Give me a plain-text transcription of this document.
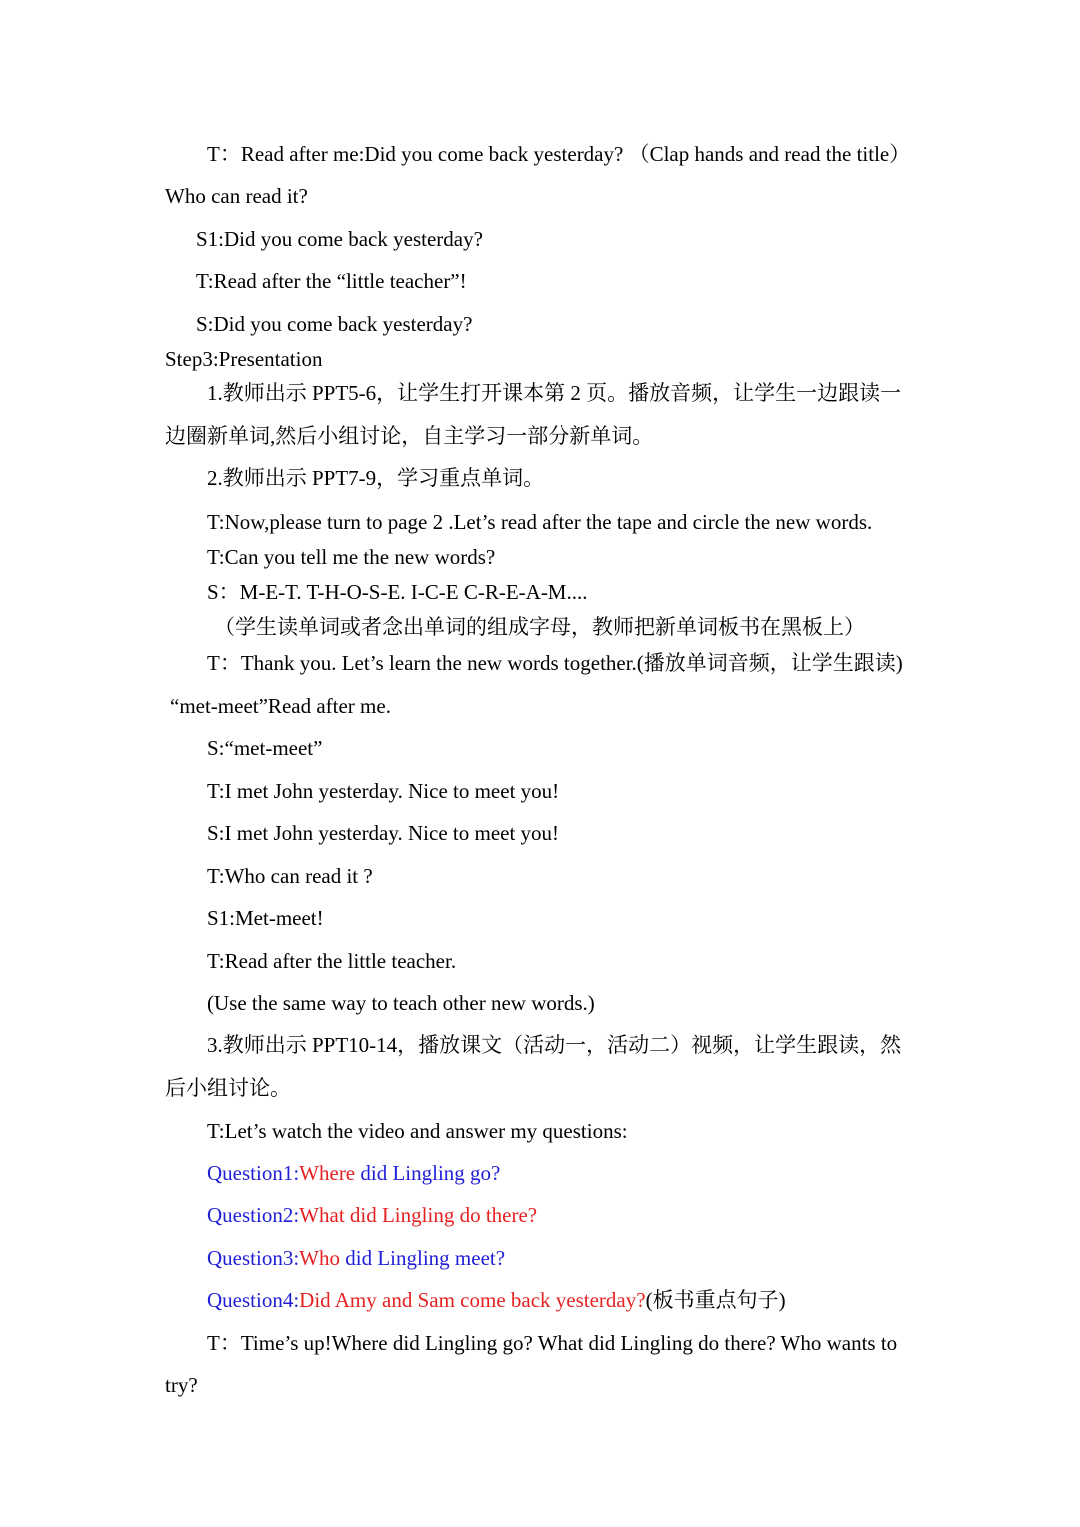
T：Read after me:Did you come back yesterday? （Clap hands and read the title）
Who can read it?
S1:Did you come back yesterday?
T:Read after the “little teacher”!
S:Did you come back yesterday?
Step3:Presentation
1.教师出示 PPT5-6，让学生打开课本第 2 页。播放音频，让学生一边跟读一
边圈新单词,然后小组讨论，自主学习一部分新单词。
2.教师出示 PPT7-9，学习重点单词。
T:Now,please turn to page 2 .Let’s read after the tape and circle the new words.
T:Can you tell me the new words?
S：M-E-T. T-H-O-S-E. I-C-E C-R-E-A-M....
（学生读单词或者念出单词的组成字母，教师把新单词板书在黑板上）
T：Thank you. Let’s learn the new words together.(播放单词音频，让学生跟读)
“met-meet”Read after me.
S:“met-meet”
T:I met John yesterday. Nice to meet you!
S:I met John yesterday. Nice to meet you!
T:Who can read it ?
S1:Met-meet!
T:Read after the little teacher.
(Use the same way to teach other new words.)
3.教师出示 PPT10-14，播放课文（活动一，活动二）视频，让学生跟读，然
后小组讨论。
T:Let’s watch the video and answer my questions:
Question1:Where did Lingling go?
Question2:What did Lingling do there?
Question3:Who did Lingling meet?
Question4:Did Amy and Sam come back yesterday?(板书重点句子)
T：Time’s up!Where did Lingling go? What did Lingling do there? Who wants to
try?
